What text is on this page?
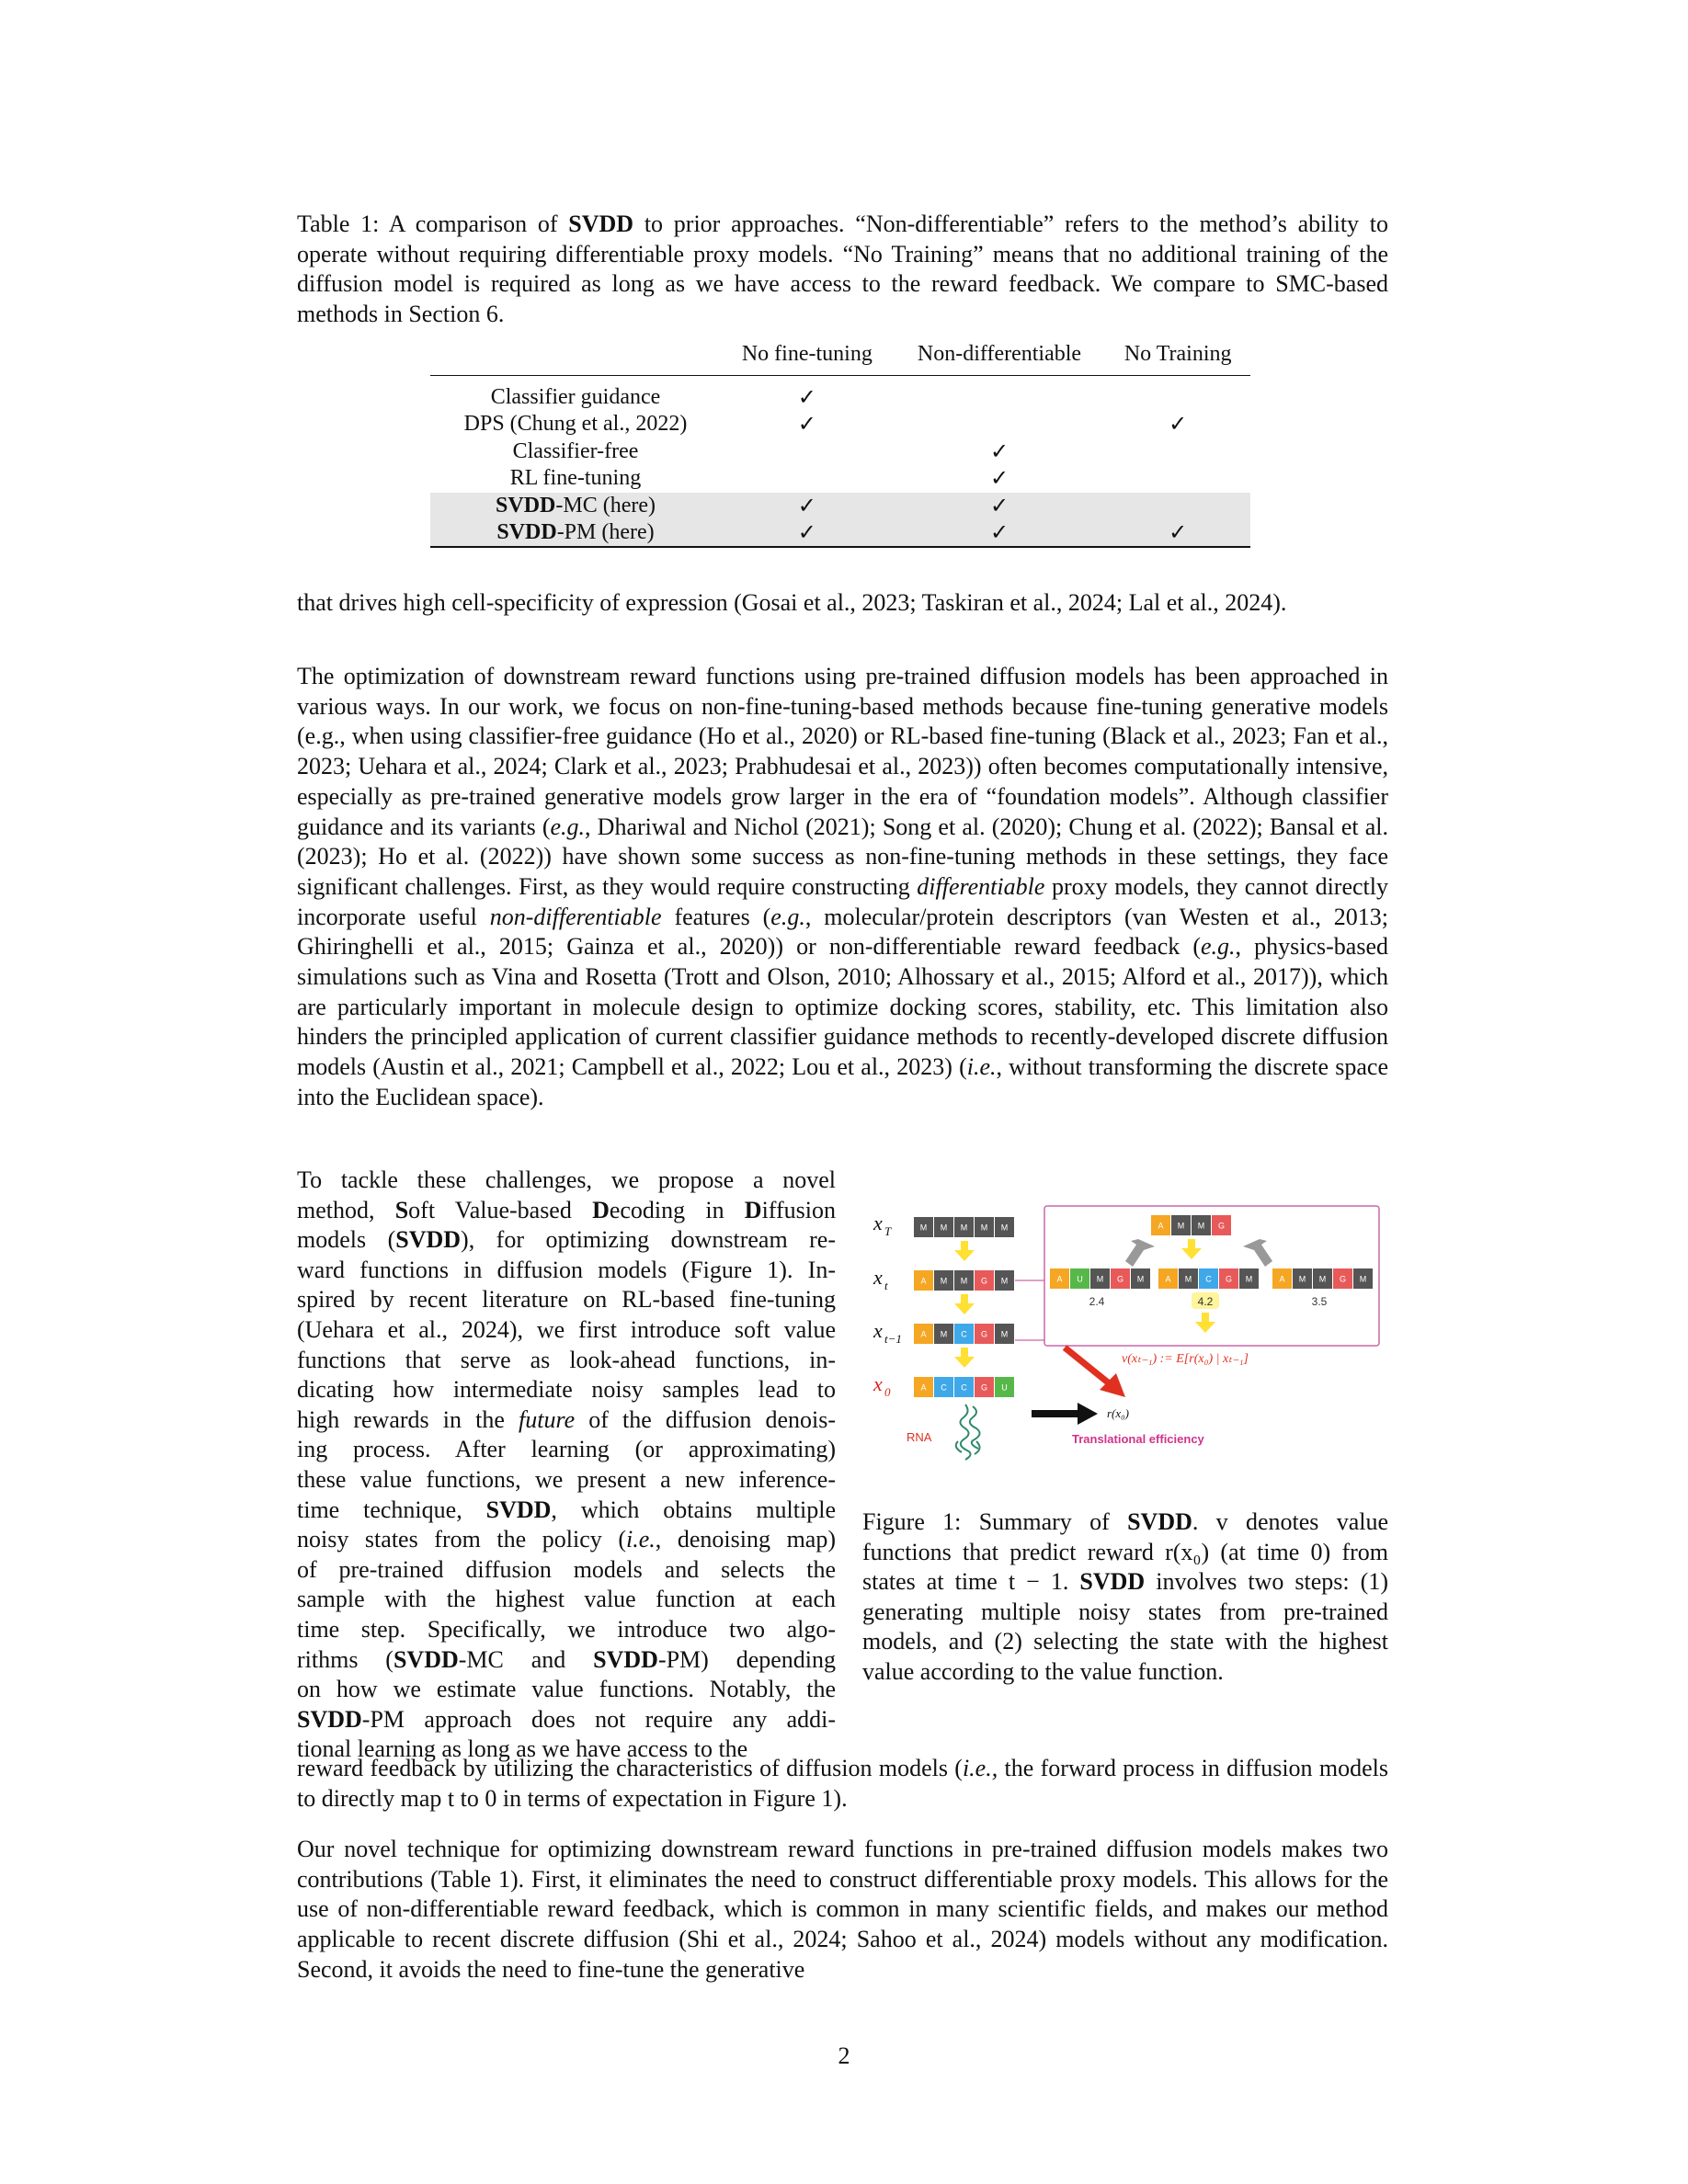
Table 1: A comparison of SVDD to prior approaches. “Non-differentiable” refers to the method’s ability to operate without requiring differentiable proxy models. “No Training” means that no additional training of the diffusion model is required as long as we have access to the reward feedback. We compare to SMC-based methods in Section 6.
	No fine-tuning	Non-differentiable	No Training
Classifier guidance	✓		
DPS (Chung et al., 2022)	✓		✓
Classifier-free		✓	
RL fine-tuning		✓	
SVDD-MC (here)	✓	✓	
SVDD-PM (here)	✓	✓	✓
that drives high cell-specificity of expression (Gosai et al., 2023; Taskiran et al., 2024; Lal et al., 2024).
The optimization of downstream reward functions using pre-trained diffusion models has been approached in various ways. In our work, we focus on non-fine-tuning-based methods because fine-tuning generative models (e.g., when using classifier-free guidance (Ho et al., 2020) or RL-based fine-tuning (Black et al., 2023; Fan et al., 2023; Uehara et al., 2024; Clark et al., 2023; Prabhudesai et al., 2023)) often becomes computationally intensive, especially as pre-trained generative models grow larger in the era of “foundation models”. Although classifier guidance and its variants (e.g., Dhariwal and Nichol (2021); Song et al. (2020); Chung et al. (2022); Bansal et al. (2023); Ho et al. (2022)) have shown some success as non-fine-tuning methods in these settings, they face significant challenges. First, as they would require constructing differentiable proxy models, they cannot directly incorporate useful non-differentiable features (e.g., molecular/protein descriptors (van Westen et al., 2013; Ghiringhelli et al., 2015; Gainza et al., 2020)) or non-differentiable reward feedback (e.g., physics-based simulations such as Vina and Rosetta (Trott and Olson, 2010; Alhossary et al., 2015; Alford et al., 2017)), which are particularly important in molecule design to optimize docking scores, stability, etc. This limitation also hinders the principled application of current classifier guidance methods to recently-developed discrete diffusion models (Austin et al., 2021; Campbell et al., 2022; Lou et al., 2023) (i.e., without transforming the discrete space into the Euclidean space).
To tackle these challenges, we propose a novel
method, Soft Value-based Decoding in Diffusion
models (SVDD), for optimizing downstream re-
ward functions in diffusion models (Figure 1). In-
spired by recent literature on RL-based fine-tuning
(Uehara et al., 2024), we first introduce soft value
functions that serve as look-ahead functions, in-
dicating how intermediate noisy samples lead to
high rewards in the future of the diffusion denois-
ing process. After learning (or approximating)
these value functions, we present a new inference-
time technique, SVDD, which obtains multiple
noisy states from the policy (i.e., denoising map)
of pre-trained diffusion models and selects the
sample with the highest value function at each
time step. Specifically, we introduce two algo-
rithms (SVDD-MC and SVDD-PM) depending
on how we estimate value functions. Notably, the
SVDD-PM approach does not require any addi-
tional learning as long as we have access to the
x T	M M M M M
x t	A M M G M
x t−1 A M C G M
x 0	A C C G U
A M M G
A U M G M	A M C G M	A M M G M
2.4	4.2	3.5
v(xₜ₋₁) := E[r(x₀) | xₜ₋₁]
r(x₀)
RNA	Translational efficiency
Figure 1: Summary of SVDD. v denotes value functions that predict reward r(x₀) (at time 0) from states at time t − 1. SVDD involves two steps: (1) generating multiple noisy states from pre-trained models, and (2) selecting the state with the highest value according to the value function.
reward feedback by utilizing the characteristics of diffusion models (i.e., the forward process in diffusion models to directly map t to 0 in terms of expectation in Figure 1).
Our novel technique for optimizing downstream reward functions in pre-trained diffusion models makes two contributions (Table 1). First, it eliminates the need to construct differentiable proxy models. This allows for the use of non-differentiable reward feedback, which is common in many scientific fields, and makes our method applicable to recent discrete diffusion (Shi et al., 2024; Sahoo et al., 2024) models without any modification. Second, it avoids the need to fine-tune the generative
2
